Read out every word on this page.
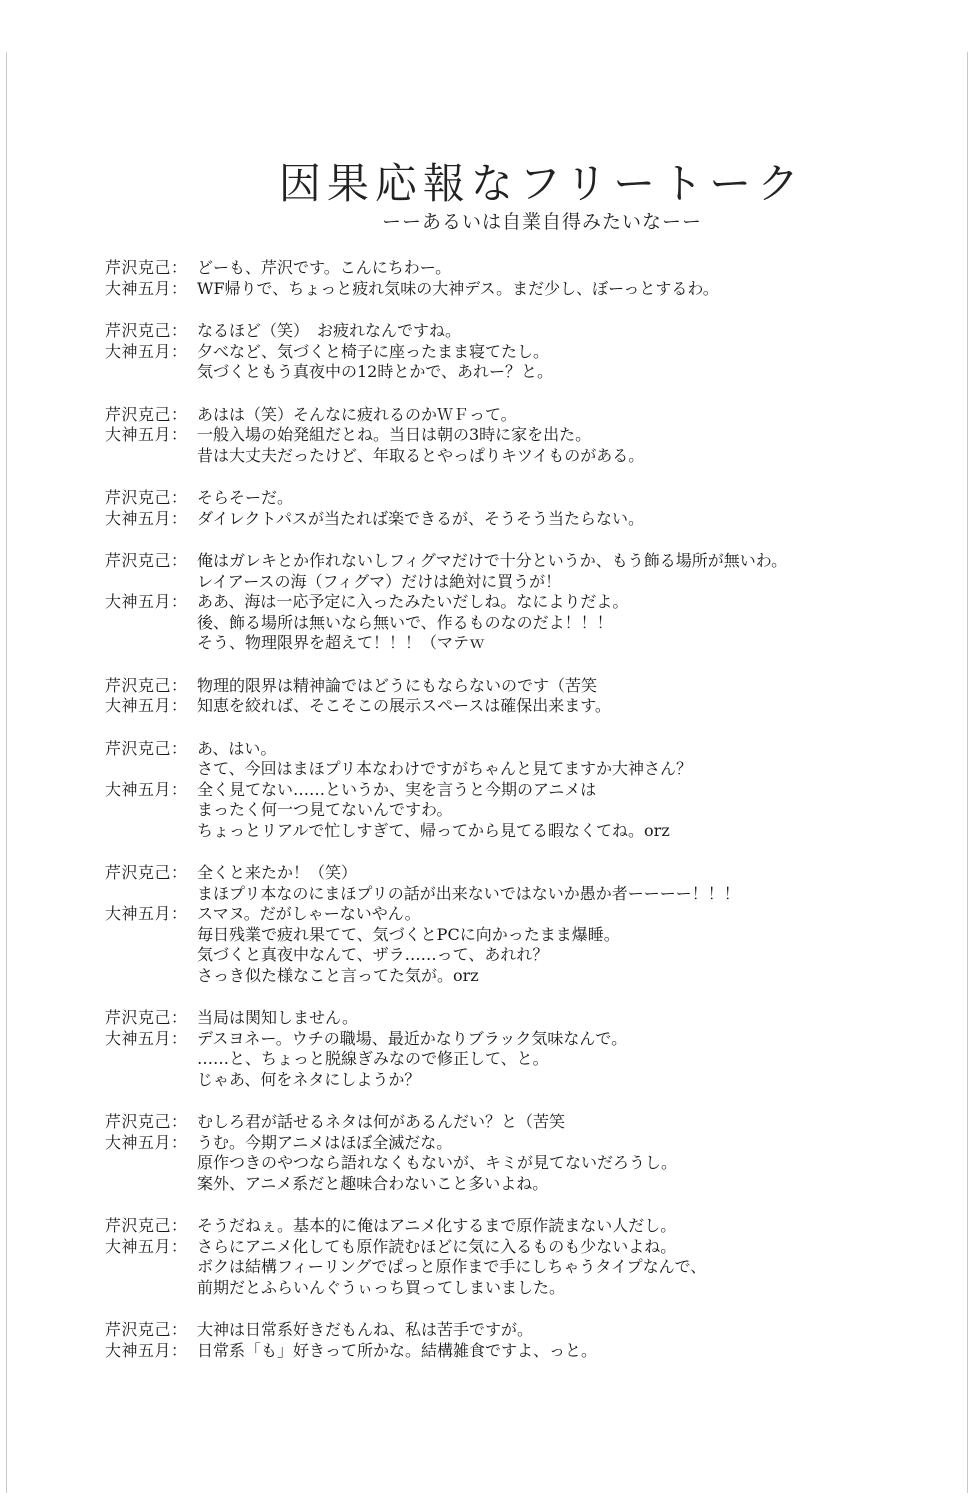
因果応報なフリートーク
ーーあるいは自業自得みたいなーー
芹沢克己： どーも、芹沢です。こんにちわー。
大神五月： WF帰りで、ちょっと疲れ気味の大神デス。まだ少し、ぼーっとするわ。
芹沢克己： なるほど（笑）　お疲れなんですね。
大神五月： 夕べなど、気づくと椅子に座ったまま寝てたし。
気づくともう真夜中の12時とかで、あれー？と。
芹沢克己： あはは（笑）そんなに疲れるのかＷＦって。
大神五月： 一般入場の始発組だとね。当日は朝の3時に家を出た。
昔は大丈夫だったけど、年取るとやっぱりキツイものがある。
芹沢克己： そらそーだ。
大神五月： ダイレクトパスが当たれば楽できるが、そうそう当たらない。
芹沢克己： 俺はガレキとか作れないしフィグマだけで十分というか、もう飾る場所が無いわ。
レイアースの海（フィグマ）だけは絶対に買うが！
大神五月： ああ、海は一応予定に入ったみたいだしね。なによりだよ。
後、飾る場所は無いなら無いで、作るものなのだよ！！！
そう、物理限界を超えて！！！（マテｗ
芹沢克己： 物理的限界は精神論ではどうにもならないのです（苦笑
大神五月： 知恵を絞れば、そこそこの展示スペースは確保出来ます。
芹沢克己： あ、はい。
さて、今回はまほプリ本なわけですがちゃんと見てますか大神さん？
大神五月： 全く見てない……というか、実を言うと今期のアニメは
まったく何一つ見てないんですわ。
ちょっとリアルで忙しすぎて、帰ってから見てる暇なくてね。orz
芹沢克己： 全くと来たか！（笑）
まほプリ本なのにまほプリの話が出来ないではないか愚か者ーーーー！！！
大神五月： スマヌ。だがしゃーないやん。
毎日残業で疲れ果てて、気づくとPCに向かったまま爆睡。
気づくと真夜中なんて、ザラ……って、あれれ？
さっき似た様なこと言ってた気が。orz
芹沢克己： 当局は関知しません。
大神五月： デスヨネー。ウチの職場、最近かなりブラック気味なんで。
……と、ちょっと脱線ぎみなので修正して、と。
じゃあ、何をネタにしようか？
芹沢克己： むしろ君が話せるネタは何があるんだい？と（苦笑
大神五月： うむ。今期アニメはほぼ全滅だな。
原作つきのやつなら語れなくもないが、キミが見てないだろうし。
案外、アニメ系だと趣味合わないこと多いよね。
芹沢克己： そうだねぇ。基本的に俺はアニメ化するまで原作読まない人だし。
大神五月： さらにアニメ化しても原作読むほどに気に入るものも少ないよね。
ボクは結構フィーリングでぱっと原作まで手にしちゃうタイプなんで、
前期だとふらいんぐうぃっち買ってしまいました。
芹沢克己： 大神は日常系好きだもんね、私は苦手ですが。
大神五月： 日常系「も」好きって所かな。結構雑食ですよ、っと。
